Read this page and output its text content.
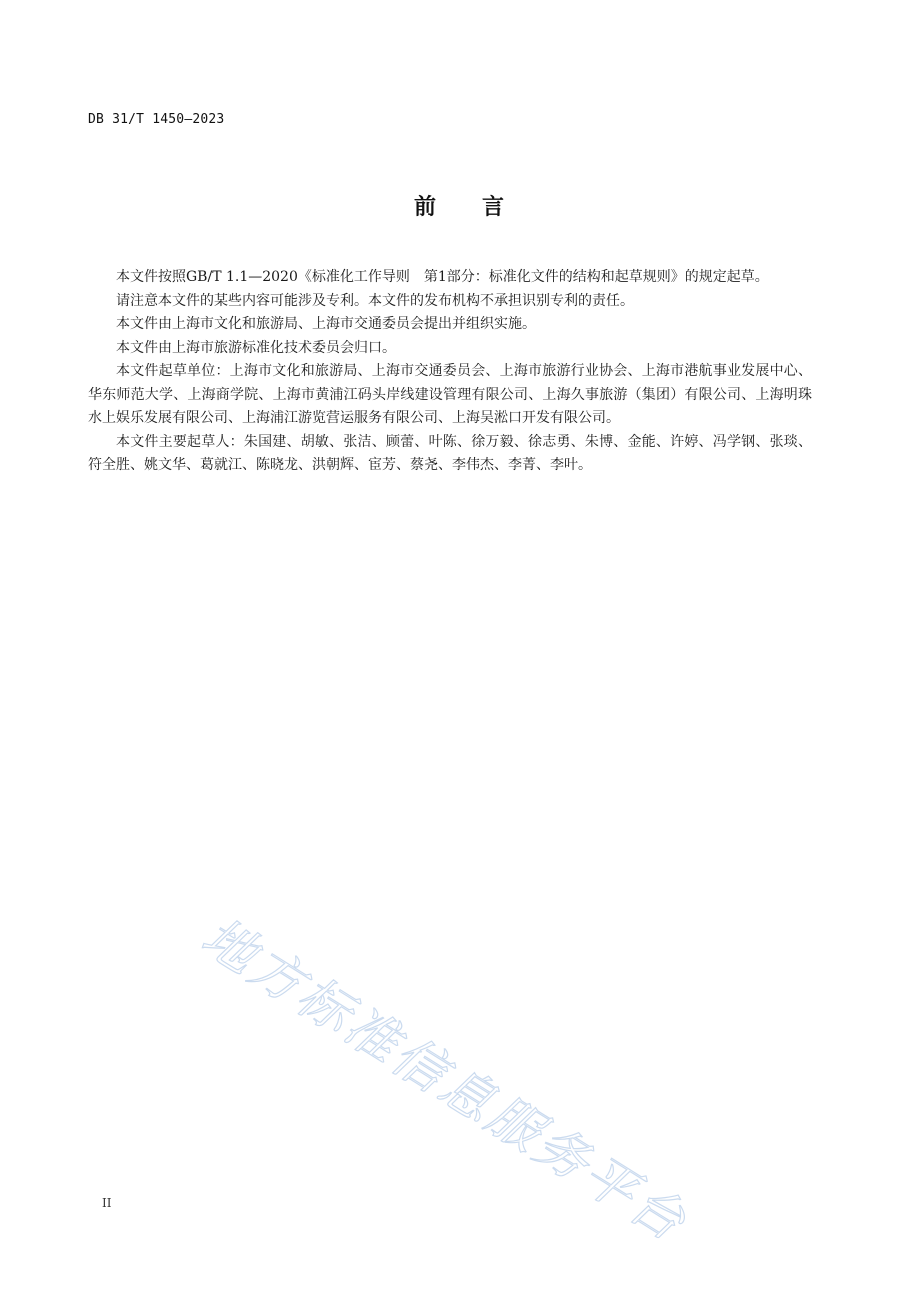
DB 31/T 1450—2023
前 言

本文件按照GB/T 1.1—2020《标准化工作导则　第1部分：标准化文件的结构和起草规则》的规定起草。

请注意本文件的某些内容可能涉及专利。本文件的发布机构不承担识别专利的责任。

本文件由上海市文化和旅游局、上海市交通委员会提出并组织实施。

本文件由上海市旅游标准化技术委员会归口。

本文件起草单位：上海市文化和旅游局、上海市交通委员会、上海市旅游行业协会、上海市港航事业发展中心、华东师范大学、上海商学院、上海市黄浦江码头岸线建设管理有限公司、上海久事旅游（集团）有限公司、上海明珠水上娱乐发展有限公司、上海浦江游览营运服务有限公司、上海吴淞口开发有限公司。

本文件主要起草人：朱国建、胡敏、张洁、顾蕾、叶陈、徐万毅、徐志勇、朱博、金能、许婷、冯学钢、张琰、符全胜、姚文华、葛就江、陈晓龙、洪朝辉、宦芳、蔡尧、李伟杰、李菁、李叶。

地方标准信息服务平台
II
